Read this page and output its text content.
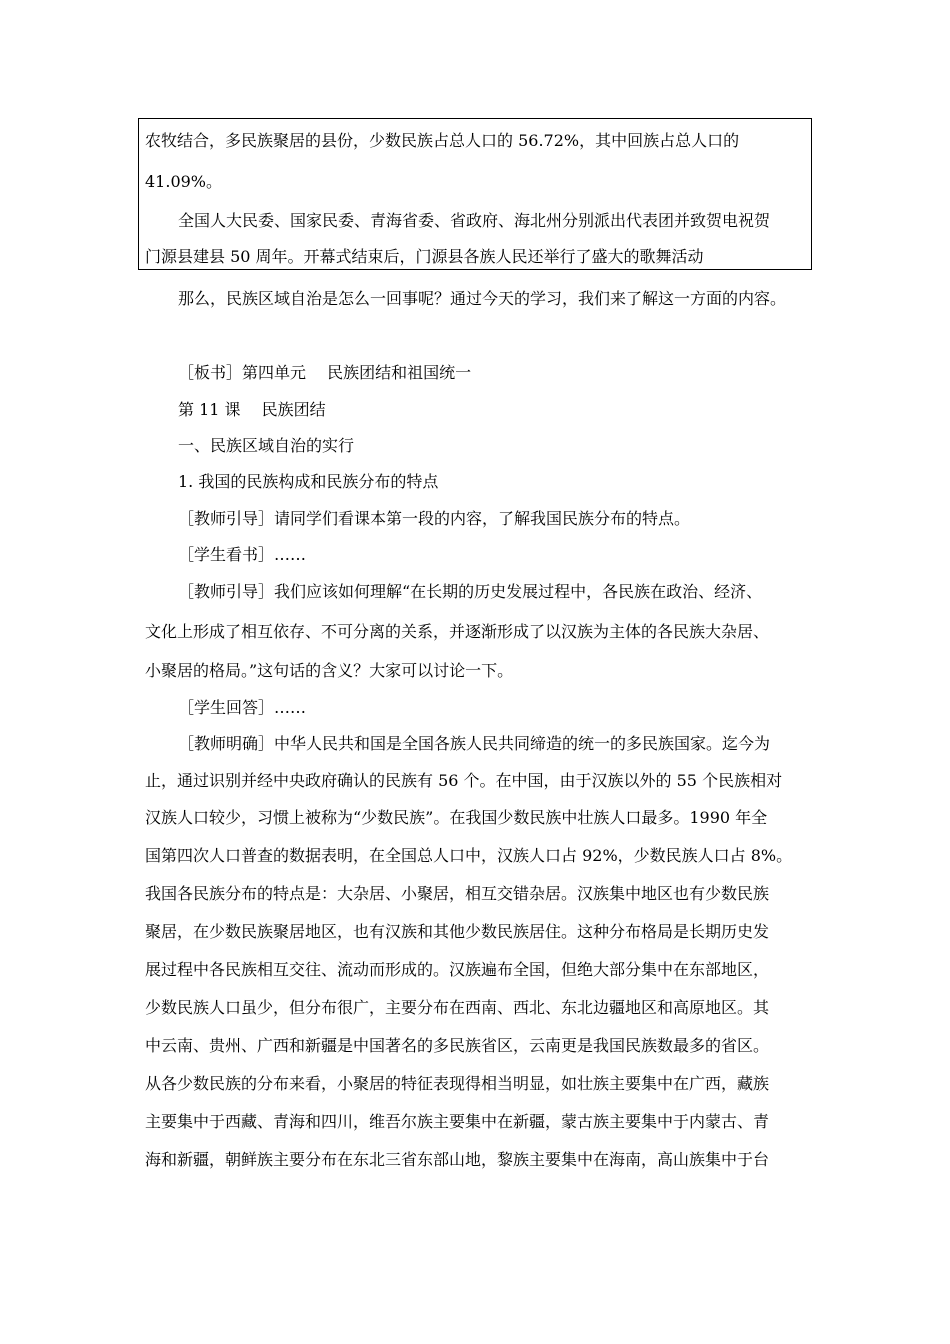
农牧结合，多民族聚居的县份，少数民族占总人口的 56.72%，其中回族占总人口的
41.09%。
全国人大民委、国家民委、青海省委、省政府、海北州分别派出代表团并致贺电祝贺
门源县建县 50 周年。开幕式结束后，门源县各族人民还举行了盛大的歌舞活动
那么，民族区域自治是怎么一回事呢？通过今天的学习，我们来了解这一方面的内容。
［板书］第四单元　 民族团结和祖国统一
第 11 课　 民族团结
一、民族区域自治的实行
1. 我国的民族构成和民族分布的特点
［教师引导］请同学们看课本第一段的内容，了解我国民族分布的特点。
［学生看书］……
［教师引导］我们应该如何理解“在长期的历史发展过程中，各民族在政治、经济、
文化上形成了相互依存、不可分离的关系，并逐渐形成了以汉族为主体的各民族大杂居、
小聚居的格局。”这句话的含义？大家可以讨论一下。
［学生回答］……
［教师明确］中华人民共和国是全国各族人民共同缔造的统一的多民族国家。迄今为
止，通过识别并经中央政府确认的民族有 56 个。在中国，由于汉族以外的 55 个民族相对
汉族人口较少，习惯上被称为“少数民族”。在我国少数民族中壮族人口最多。1990 年全
国第四次人口普查的数据表明，在全国总人口中，汉族人口占 92%，少数民族人口占 8%。
我国各民族分布的特点是：大杂居、小聚居，相互交错杂居。汉族集中地区也有少数民族
聚居，在少数民族聚居地区，也有汉族和其他少数民族居住。这种分布格局是长期历史发
展过程中各民族相互交往、流动而形成的。汉族遍布全国，但绝大部分集中在东部地区，
少数民族人口虽少，但分布很广，主要分布在西南、西北、东北边疆地区和高原地区。其
中云南、贵州、广西和新疆是中国著名的多民族省区，云南更是我国民族数最多的省区。
从各少数民族的分布来看，小聚居的特征表现得相当明显，如壮族主要集中在广西，藏族
主要集中于西藏、青海和四川，维吾尔族主要集中在新疆，蒙古族主要集中于内蒙古、青
海和新疆，朝鲜族主要分布在东北三省东部山地，黎族主要集中在海南，高山族集中于台
